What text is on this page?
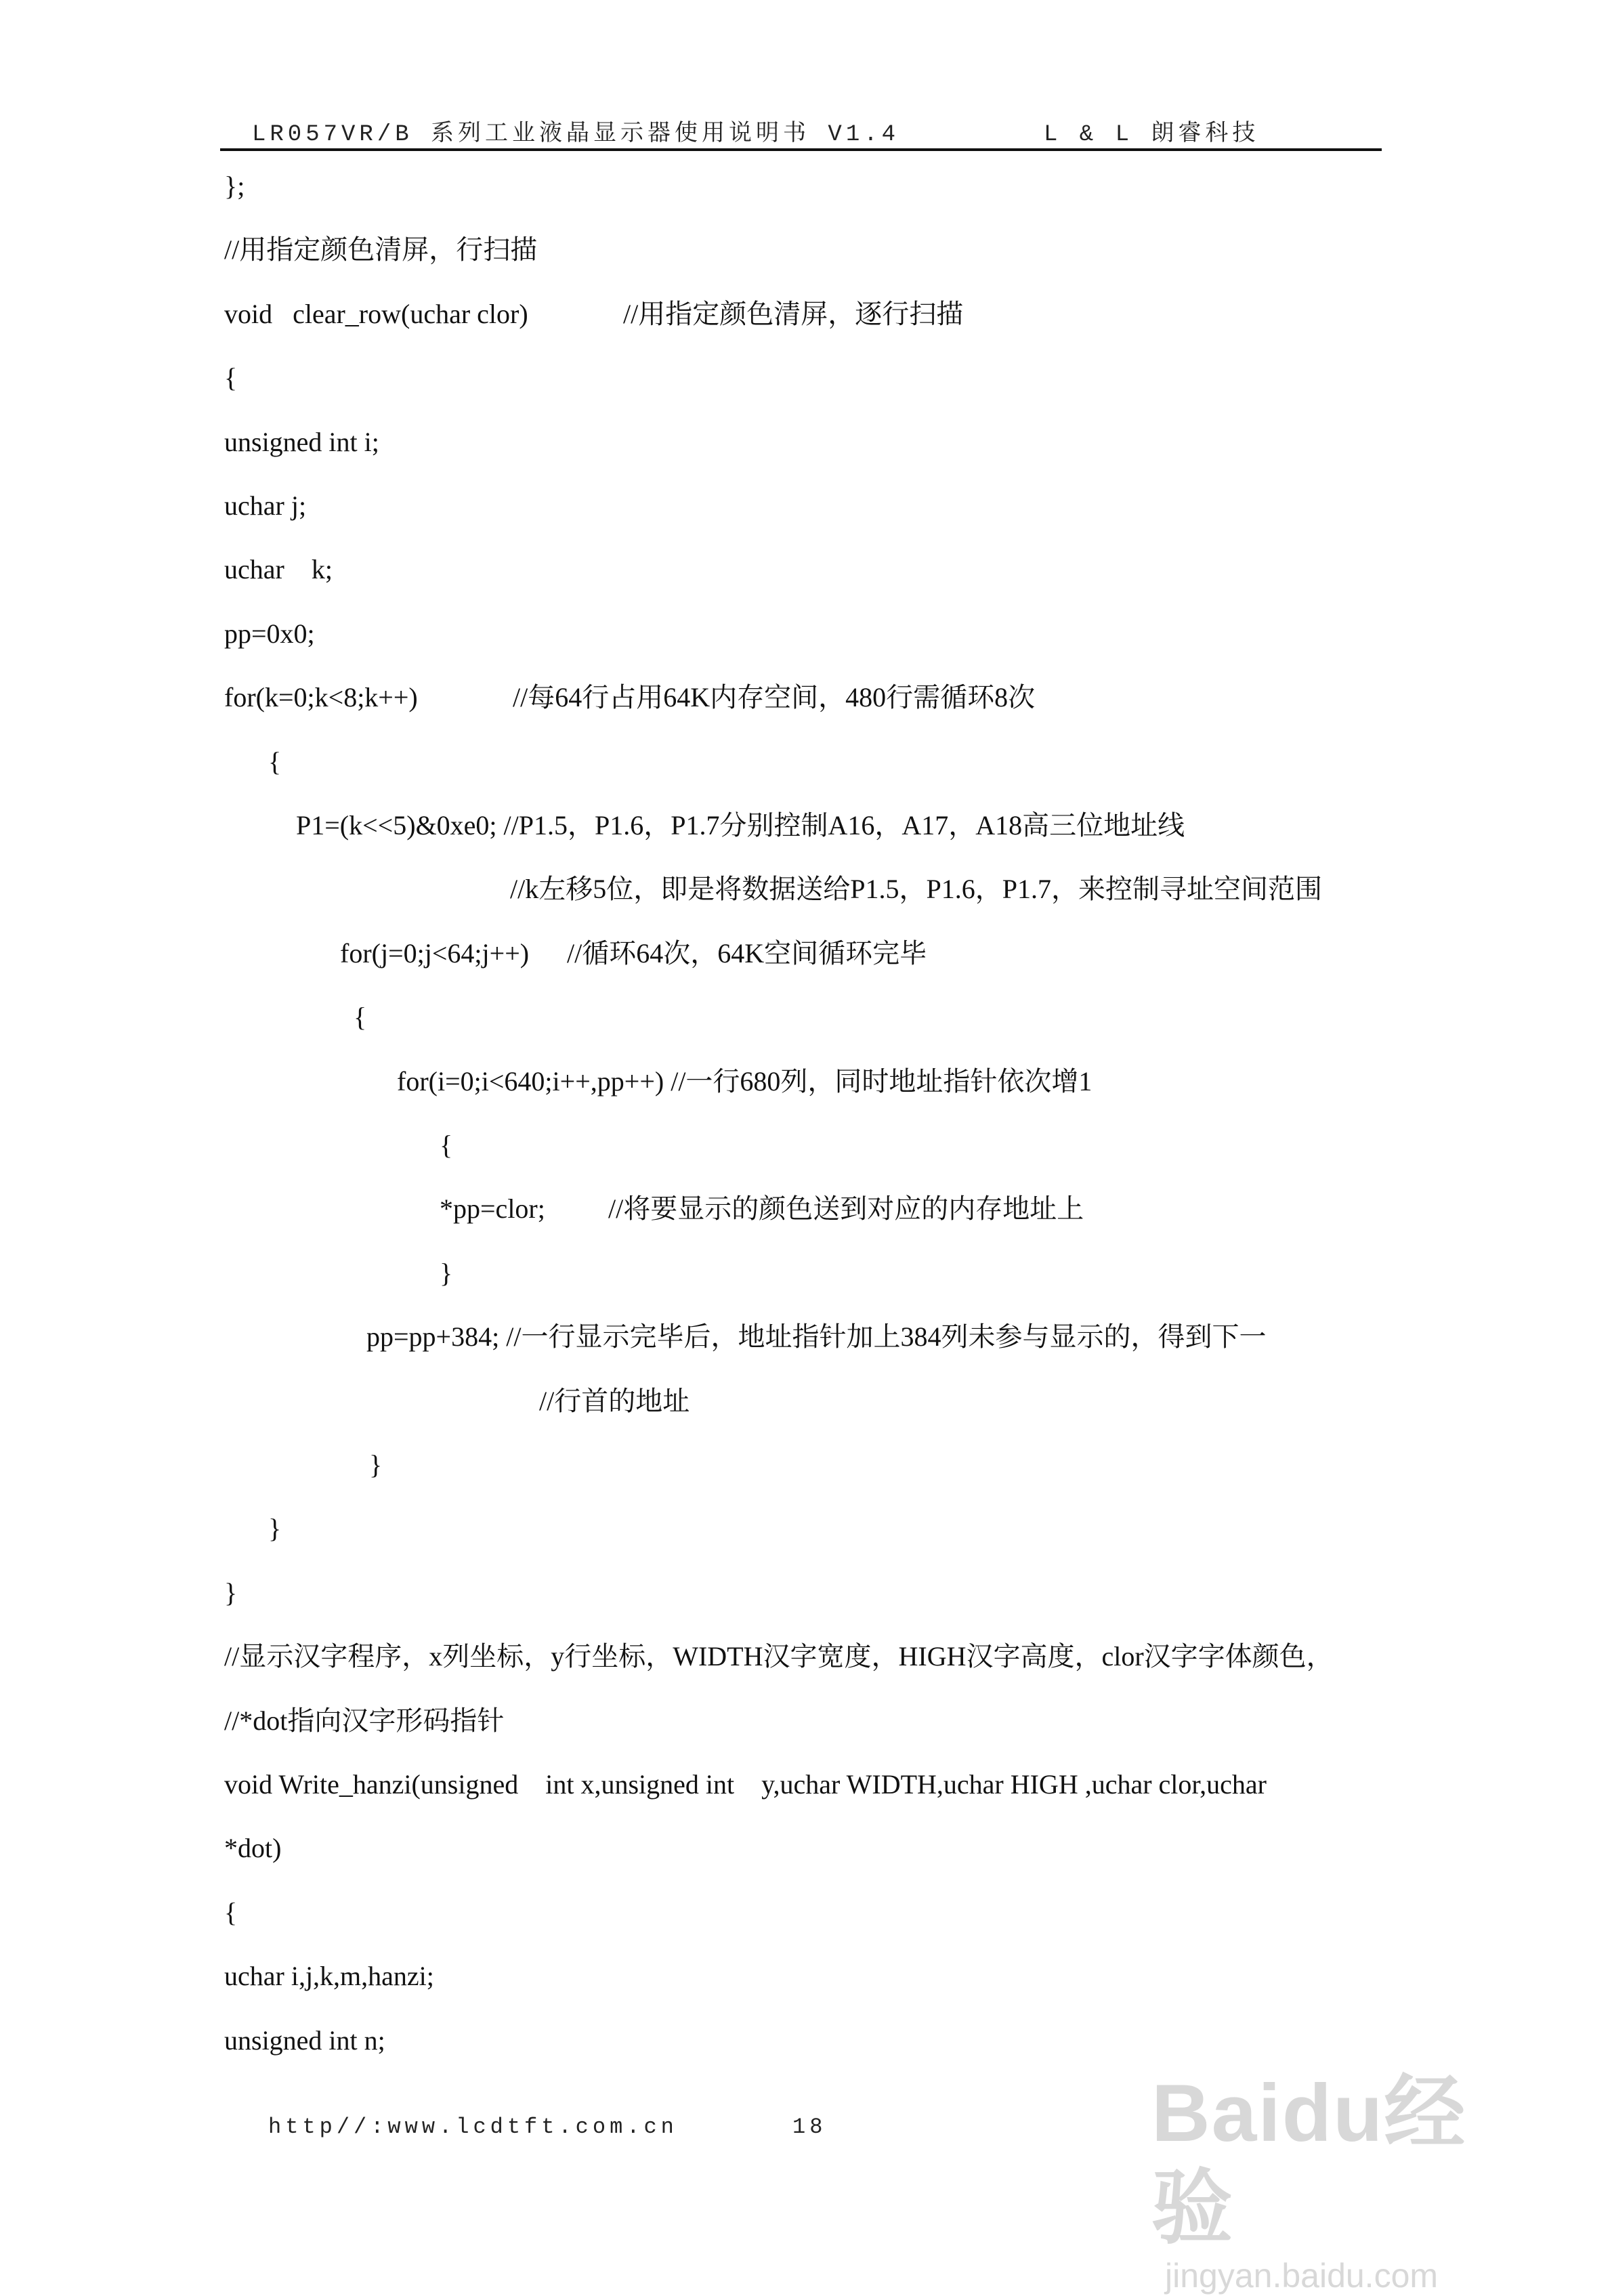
LR057VR/B 系列工业液晶显示器使用说明书 V1.4	L & L 朗睿科技
};
//用指定颜色清屏，行扫描
void   clear_row(uchar clor)	//用指定颜色清屏，逐行扫描
{
unsigned int i;
uchar j;
uchar    k;
pp=0x0;
for(k=0;k<8;k++)	//每64行占用64K内存空间，480行需循环8次
{
P1=(k<<5)&0xe0; //P1.5，P1.6，P1.7分别控制A16，A17，A18高三位地址线
//k左移5位，即是将数据送给P1.5，P1.6，P1.7，来控制寻址空间范围
for(j=0;j<64;j++) //循环64次，64K空间循环完毕
{
for(i=0;i<640;i++,pp++) //一行680列，同时地址指针依次增1
{
*pp=clor; //将要显示的颜色送到对应的内存地址上
}
pp=pp+384; //一行显示完毕后，地址指针加上384列未参与显示的，得到下一
//行首的地址
}
}
}
//显示汉字程序，x列坐标，y行坐标，WIDTH汉字宽度，HIGH汉字高度，clor汉字字体颜色，
//*dot指向汉字形码指针
void Write_hanzi(unsigned    int x,unsigned int    y,uchar WIDTH,uchar HIGH ,uchar clor,uchar
*dot)
{
uchar i,j,k,m,hanzi;
unsigned int n;
http//:www.lcdtft.com.cn	18	Baidu经验
jingyan.baidu.com
